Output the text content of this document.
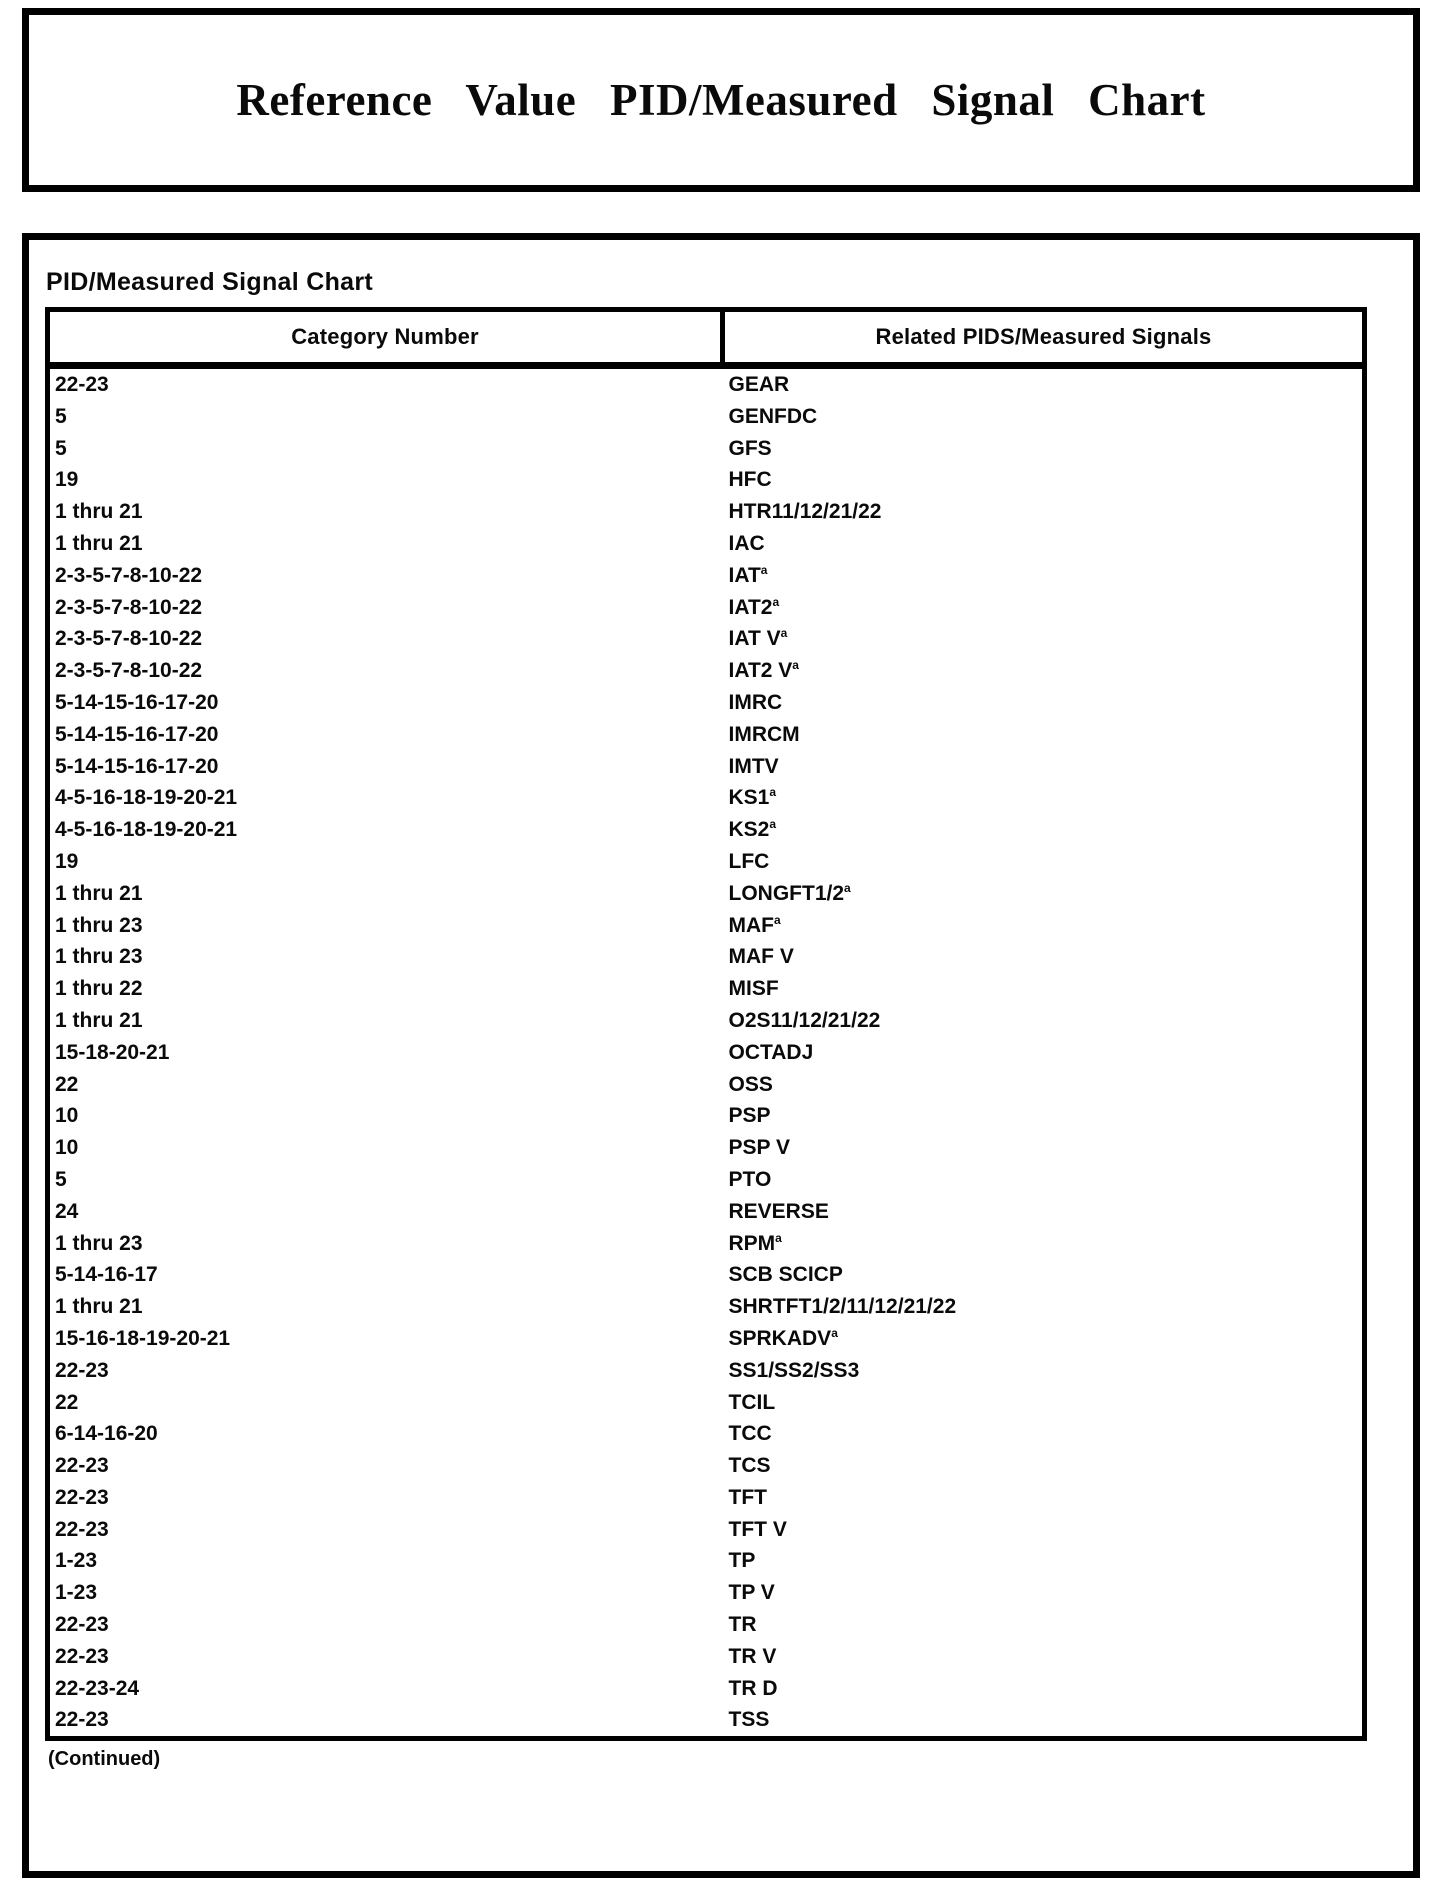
Reference Value PID/Measured Signal Chart
PID/Measured Signal Chart
Category Number	Related PIDS/Measured Signals
22-23	GEAR
5	GENFDC
5	GFS
19	HFC
1 thru 21	HTR11/12/21/22
1 thru 21	IAC
2-3-5-7-8-10-22	IAT$^a$
2-3-5-7-8-10-22	IAT2$^a$
2-3-5-7-8-10-22	IAT $V^a$
2-3-5-7-8-10-22	IAT2 $V^a$
5-14-15-16-17-20	IMRC
5-14-15-16-17-20	IMRCM
5-14-15-16-17-20	IMTV
4-5-16-18-19-20-21	KS1$^a$
4-5-16-18-19-20-21	KS2$^a$
19	LFC
1 thru 21	LONGFT1/2$^a$
1 thru 23	MAF$^a$
1 thru 23	MAF V
1 thru 22	MISF
1 thru 21	O2S11/12/21/22
15-18-20-21	OCTADJ
22	OSS
10	PSP
10	PSP V
5	PTO
24	REVERSE
1 thru 23	RPM$^a$
5-14-16-17	SCB SCICP
1 thru 21	SHRTFT1/2/11/12/21/22
15-16-18-19-20-21	SPRKADV$^a$
22-23	SS1/SS2/SS3
22	TCIL
6-14-16-20	TCC
22-23	TCS
22-23	TFT
22-23	TFT V
1-23	TP
1-23	TP V
22-23	TR
22-23	TR V
22-23-24	TR D
22-23	TSS
(Continued)
